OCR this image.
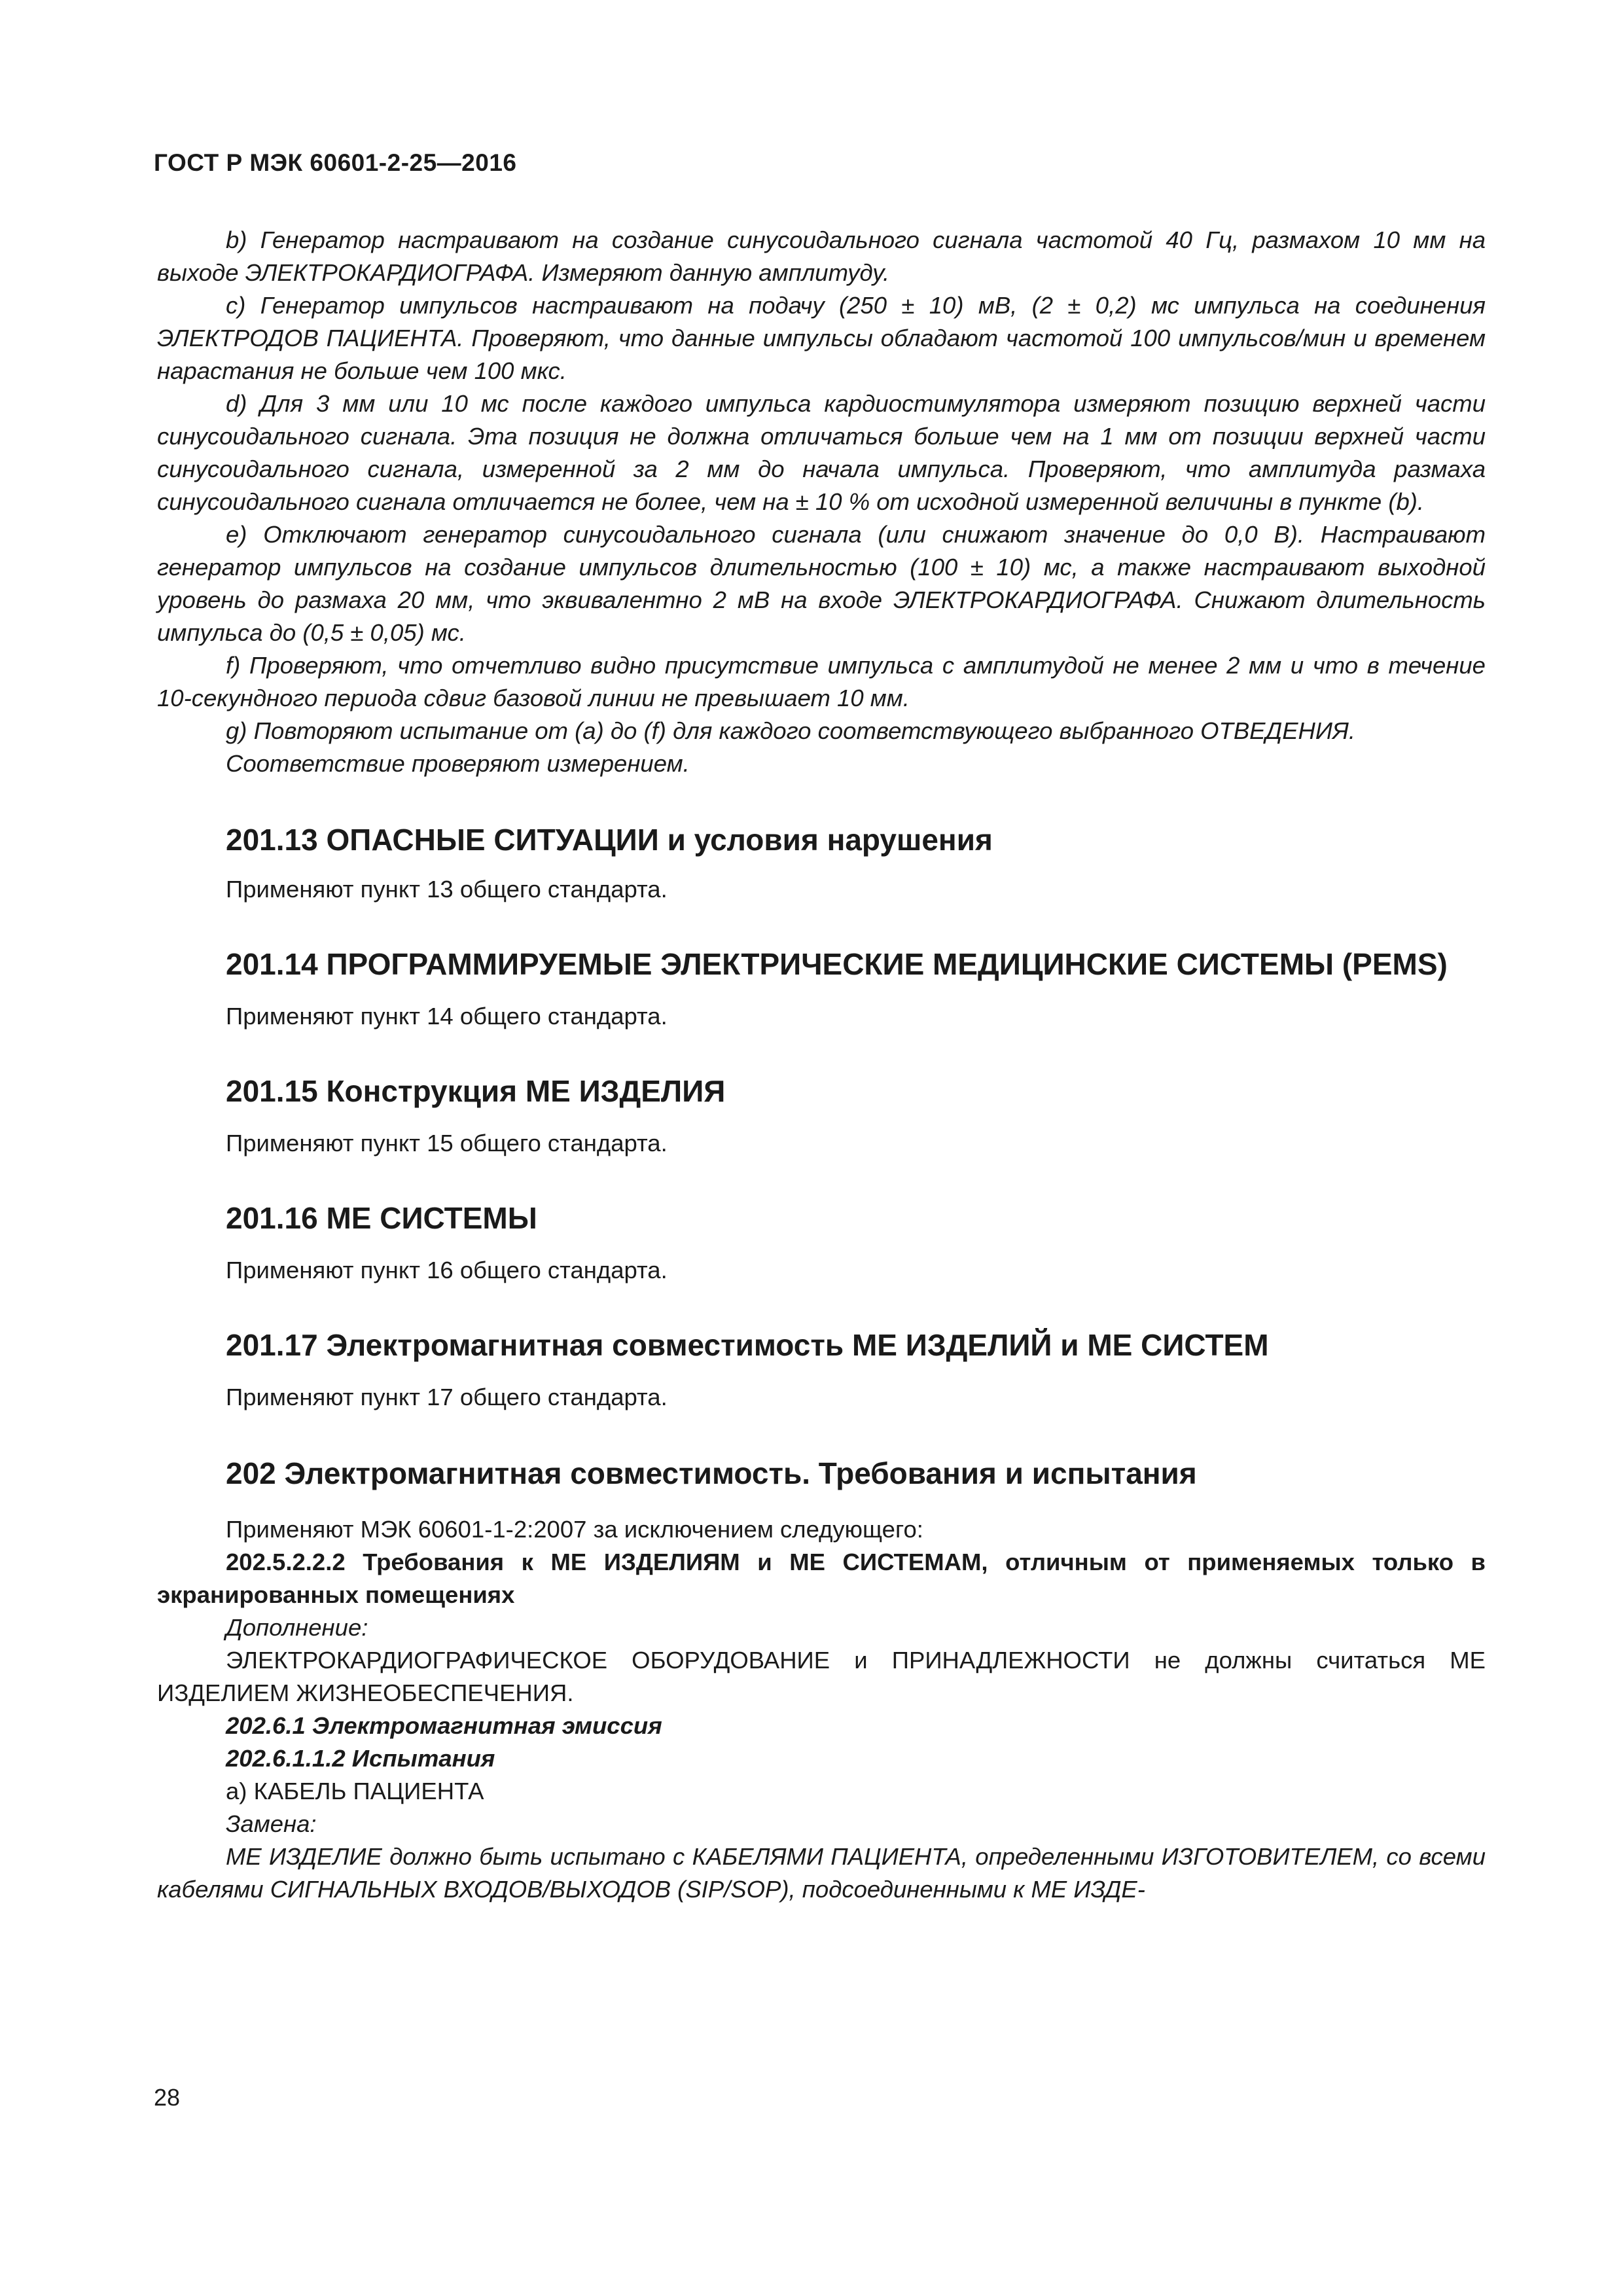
ГОСТ Р МЭК 60601-2-25—2016

b) Генератор настраивают на создание синусоидального сигнала частотой 40 Гц, размахом 10 мм на выходе ЭЛЕКТРОКАРДИОГРАФА. Измеряют данную амплитуду.

с) Генератор импульсов настраивают на подачу (250 ± 10) мВ, (2 ± 0,2) мс импульса на соединения ЭЛЕКТРОДОВ ПАЦИЕНТА. Проверяют, что данные импульсы обладают частотой 100 импульсов/мин и временем нарастания не больше чем 100 мкс.

d) Для 3 мм или 10 мс после каждого импульса кардиостимулятора измеряют позицию верхней части синусоидального сигнала. Эта позиция не должна отличаться больше чем на 1 мм от позиции верхней части синусоидального сигнала, измеренной за 2 мм до начала импульса. Проверяют, что амплитуда размаха синусоидального сигнала отличается не более, чем на ± 10 % от исходной измеренной величины в пункте (b).

е) Отключают генератор синусоидального сигнала (или снижают значение до 0,0 В). Настраивают генератор импульсов на создание импульсов длительностью (100 ± 10) мс, а также настраивают выходной уровень до размаха 20 мм, что эквивалентно 2 мВ на входе ЭЛЕКТРОКАРДИОГРАФА. Снижают длительность импульса до (0,5 ± 0,05) мс.

f) Проверяют, что отчетливо видно присутствие импульса с амплитудой не менее 2 мм и что в течение 10-секундного периода сдвиг базовой линии не превышает 10 мм.

g) Повторяют испытание от (а) до (f) для каждого соответствующего выбранного ОТВЕДЕНИЯ.

Соответствие проверяют измерением.

201.13 ОПАСНЫЕ СИТУАЦИИ и условия нарушения

Применяют пункт 13 общего стандарта.

201.14 ПРОГРАММИРУЕМЫЕ ЭЛЕКТРИЧЕСКИЕ МЕДИЦИНСКИЕ СИСТЕМЫ (PEMS)

Применяют пункт 14 общего стандарта.

201.15 Конструкция МЕ ИЗДЕЛИЯ

Применяют пункт 15 общего стандарта.

201.16 МЕ СИСТЕМЫ

Применяют пункт 16 общего стандарта.

201.17 Электромагнитная совместимость МЕ ИЗДЕЛИЙ и МЕ СИСТЕМ

Применяют пункт 17 общего стандарта.

202 Электромагнитная совместимость. Требования и испытания

Применяют МЭК 60601-1-2:2007 за исключением следующего:

202.5.2.2.2 Требования к МЕ ИЗДЕЛИЯМ и МЕ СИСТЕМАМ, отличным от применяемых только в экранированных помещениях

Дополнение:

ЭЛЕКТРОКАРДИОГРАФИЧЕСКОЕ ОБОРУДОВАНИЕ и ПРИНАДЛЕЖНОСТИ не должны считаться МЕ ИЗДЕЛИЕМ ЖИЗНЕОБЕСПЕЧЕНИЯ.

202.6.1 Электромагнитная эмиссия

202.6.1.1.2 Испытания

а) КАБЕЛЬ ПАЦИЕНТА

Замена:

МЕ ИЗДЕЛИЕ должно быть испытано с КАБЕЛЯМИ ПАЦИЕНТА, определенными ИЗГОТОВИТЕЛЕМ, со всеми кабелями СИГНАЛЬНЫХ ВХОДОВ/ВЫХОДОВ (SIP/SOP), подсоединенными к МЕ ИЗДЕ-

28
